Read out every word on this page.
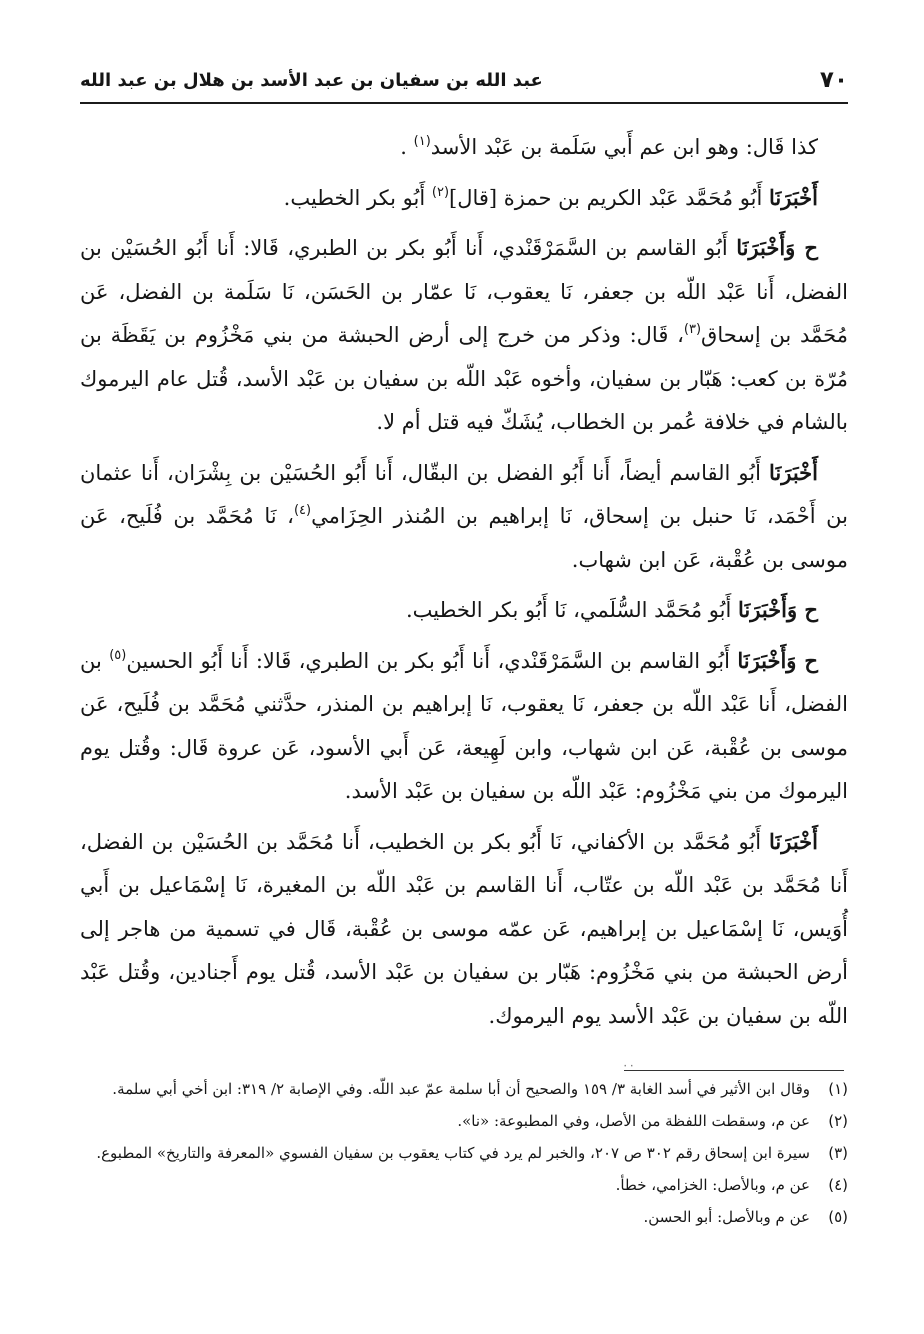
٧٠
عبد الله بن سفيان بن عبد الأسد بن هلال بن عبد الله

كذا قَال: وهو ابن عم أَبي سَلَمة بن عَبْد الأسد$^{(١)}$ .

أَخْبَرَنَا أَبُو مُحَمَّد عَبْد الكريم بن حمزة [قال]$^{(٢)}$ أَبُو بكر الخطيب.

ح وَأَخْبَرَنَا أَبُو القاسم بن السَّمَرْقَنْدي، أَنا أَبُو بكر بن الطبري، قَالا: أَنا أَبُو الحُسَيْن بن الفضل، أَنا عَبْد اللّه بن جعفر، نَا يعقوب، نَا عمّار بن الحَسَن، نَا سَلَمة بن الفضل، عَن مُحَمَّد بن إسحاق$^{(٣)}$، قَال: وذكر من خرج إلى أرض الحبشة من بني مَخْزُوم بن يَقَظَة بن مُرّة بن كعب: هَبّار بن سفيان، وأخوه عَبْد اللّه بن سفيان بن عَبْد الأسد، قُتل عام اليرموك بالشام في خلافة عُمر بن الخطاب، يُشَكّ فيه قتل أم لا.

أَخْبَرَنَا أَبُو القاسم أيضاً، أَنا أَبُو الفضل بن البقّال، أَنا أَبُو الحُسَيْن بن بِشْرَان، أَنا عثمان بن أَحْمَد، نَا حنبل بن إسحاق، نَا إبراهيم بن المُنذر الحِزَامي$^{(٤)}$، نَا مُحَمَّد بن فُلَيح، عَن موسى بن عُقْبة، عَن ابن شهاب.

ح وَأَخْبَرَنَا أَبُو مُحَمَّد السُّلَمي، نَا أَبُو بكر الخطيب.

ح وَأَخْبَرَنَا أَبُو القاسم بن السَّمَرْقَنْدي، أَنا أَبُو بكر بن الطبري، قَالا: أَنا أَبُو الحسين$^{(٥)}$ بن الفضل، أَنا عَبْد اللّه بن جعفر، نَا يعقوب، نَا إبراهيم بن المنذر، حدَّثني مُحَمَّد بن فُلَيح، عَن موسى بن عُقْبة، عَن ابن شهاب، وابن لَهِيعة، عَن أَبي الأسود، عَن عروة قَال: وقُتل يوم اليرموك من بني مَخْزُوم: عَبْد اللّه بن سفيان بن عَبْد الأسد.

أَخْبَرَنَا أَبُو مُحَمَّد بن الأكفاني، نَا أَبُو بكر بن الخطيب، أَنا مُحَمَّد بن الحُسَيْن بن الفضل، أَنا مُحَمَّد بن عَبْد اللّه بن عتّاب، أَنا القاسم بن عَبْد اللّه بن المغيرة، نَا إسْمَاعيل بن أَبي أُوَيس، نَا إسْمَاعيل بن إبراهيم، عَن عمّه موسى بن عُقْبة، قَال في تسمية من هاجر إلى أرض الحبشة من بني مَخْزُوم: هَبّار بن سفيان بن عَبْد الأسد، قُتل يوم أَجنادين، وقُتل عَبْد اللّه بن سفيان بن عَبْد الأسد يوم اليرموك.

٠٠
(١)
وقال ابن الأثير في أسد الغابة ٣/ ١٥٩ والصحيح أن أبا سلمة عمّ عبد اللّه. وفي الإصابة ٢/ ٣١٩: ابن أخي أبي سلمة.
(٢)
عن م، وسقطت اللفظة من الأصل، وفي المطبوعة: «نا».
(٣)
سيرة ابن إسحاق رقم ٣٠٢ ص ٢٠٧، والخبر لم يرد في كتاب يعقوب بن سفيان الفسوي «المعرفة والتاريخ» المطبوع.
(٤)
عن م، وبالأصل: الخزامي، خطأ.
(٥)
عن م وبالأصل: أبو الحسن.
